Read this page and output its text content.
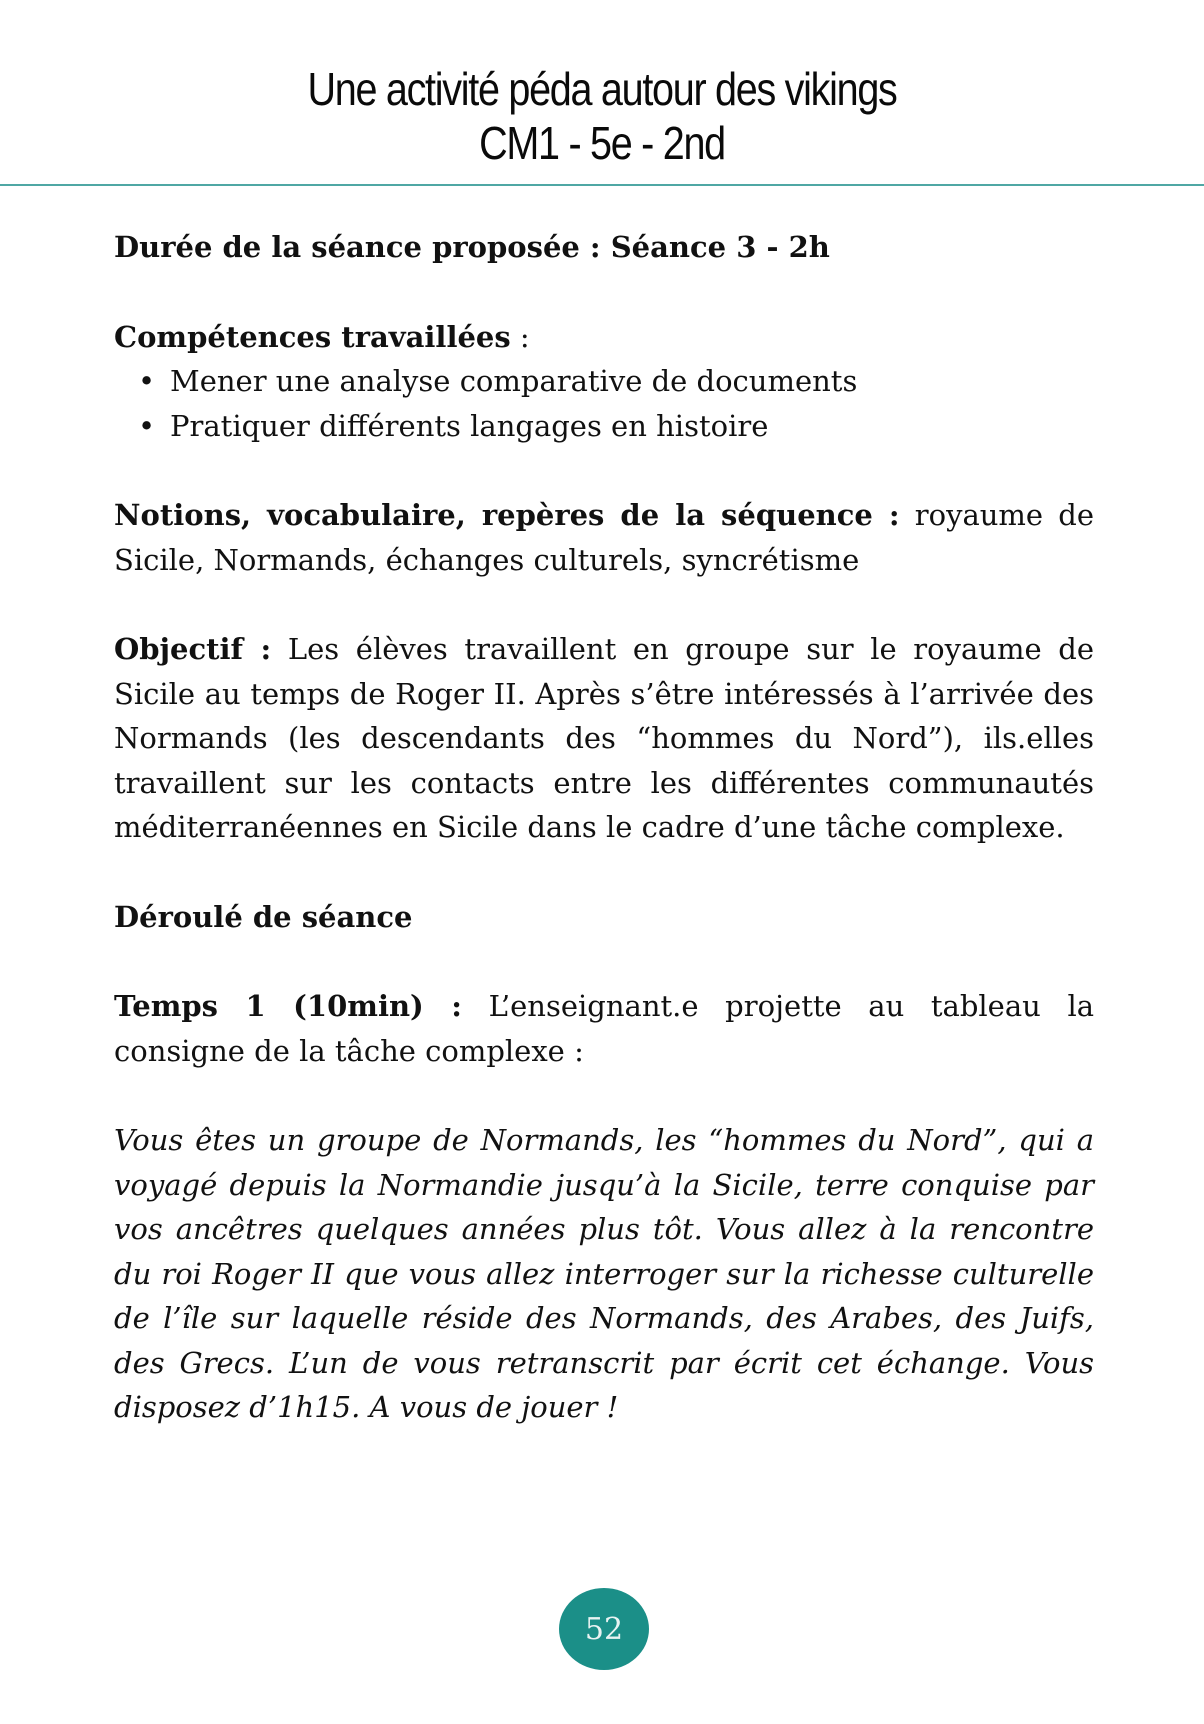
Une activité péda autour des vikings
CM1 - 5e - 2nd

Durée de la séance proposée : Séance 3 - 2h

Compétences travaillées :

• Mener une analyse comparative de documents
• Pratiquer différents langages en histoire

Notions, vocabulaire, repères de la séquence : royaume de Sicile, Normands, échanges culturels, syncrétisme

Objectif : Les élèves travaillent en groupe sur le royaume de Sicile au temps de Roger II. Après s’être intéressés à l’arrivée des Normands (les descendants des “hommes du Nord”), ils.elles travaillent sur les contacts entre les différentes communautés méditerranéennes en Sicile dans le cadre d’une tâche complexe.

Déroulé de séance

Temps 1 (10min) : L’enseignant.e projette au tableau la consigne de la tâche complexe :

Vous êtes un groupe de Normands, les “hommes du Nord”, qui a voyagé depuis la Normandie jusqu’à la Sicile, terre conquise par vos ancêtres quelques années plus tôt. Vous allez à la rencontre du roi Roger II que vous allez interroger sur la richesse culturelle de l’île sur laquelle réside des Normands, des Arabes, des Juifs, des Grecs. L’un de vous retranscrit par écrit cet échange. Vous disposez d’1h15. A vous de jouer !

52
